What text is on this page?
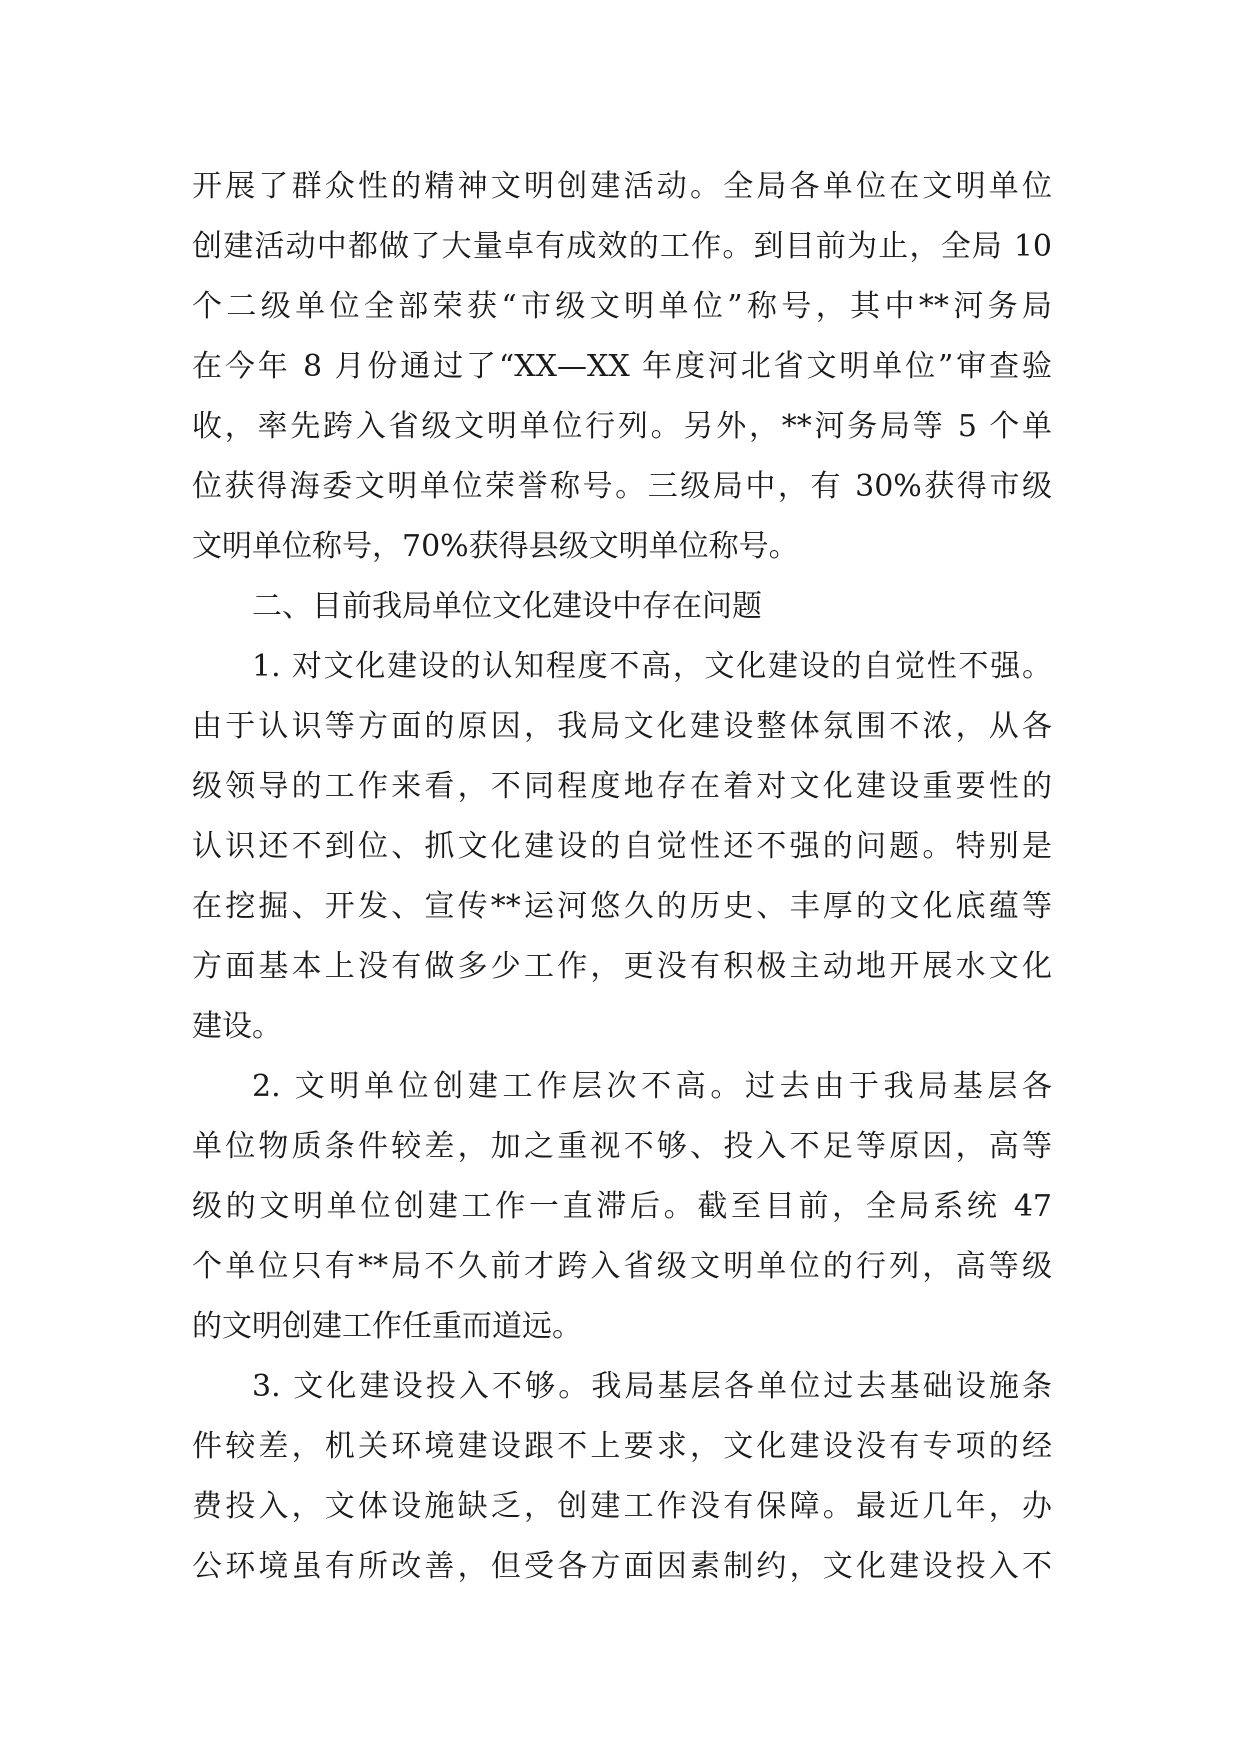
开展了群众性的精神文明创建活动。全局各单位在文明单位
创建活动中都做了大量卓有成效的工作。到目前为止，全局 10
个二级单位全部荣获“市级文明单位”称号，其中**河务局
在今年 8 月份通过了“XX—XX 年度河北省文明单位”审查验
收，率先跨入省级文明单位行列。另外，**河务局等 5 个单
位获得海委文明单位荣誉称号。三级局中，有 30%获得市级
文明单位称号，70%获得县级文明单位称号。
二、目前我局单位文化建设中存在问题
1. 对文化建设的认知程度不高，文化建设的自觉性不强。
由于认识等方面的原因，我局文化建设整体氛围不浓，从各
级领导的工作来看，不同程度地存在着对文化建设重要性的
认识还不到位、抓文化建设的自觉性还不强的问题。特别是
在挖掘、开发、宣传**运河悠久的历史、丰厚的文化底蕴等
方面基本上没有做多少工作，更没有积极主动地开展水文化
建设。
2. 文明单位创建工作层次不高。过去由于我局基层各
单位物质条件较差，加之重视不够、投入不足等原因，高等
级的文明单位创建工作一直滞后。截至目前，全局系统 47
个单位只有**局不久前才跨入省级文明单位的行列，高等级
的文明创建工作任重而道远。
3. 文化建设投入不够。我局基层各单位过去基础设施条
件较差，机关环境建设跟不上要求，文化建设没有专项的经
费投入，文体设施缺乏，创建工作没有保障。最近几年，办
公环境虽有所改善，但受各方面因素制约，文化建设投入不
